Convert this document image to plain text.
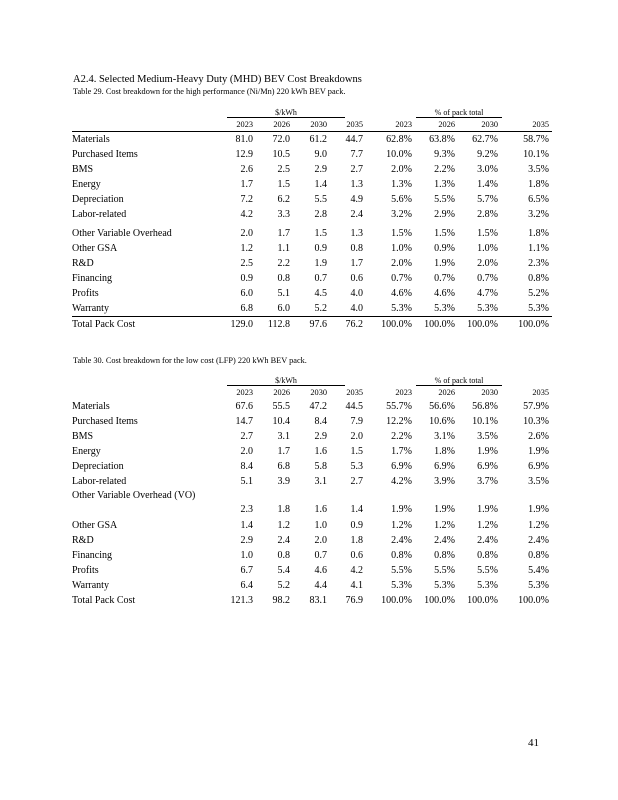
A2.4. Selected Medium-Heavy Duty (MHD) BEV Cost Breakdowns
Table 29. Cost breakdown for the high performance (Ni/Mn) 220 kWh BEV pack.
	$/kWh				% of pack total			
	2023	2026	2030	2035	2023	2026	2030	2035
Materials	81.0	72.0	61.2	44.7	62.8%	63.8%	62.7%	58.7%
Purchased Items	12.9	10.5	9.0	7.7	10.0%	9.3%	9.2%	10.1%
BMS	2.6	2.5	2.9	2.7	2.0%	2.2%	3.0%	3.5%
Energy	1.7	1.5	1.4	1.3	1.3%	1.3%	1.4%	1.8%
Depreciation	7.2	6.2	5.5	4.9	5.6%	5.5%	5.7%	6.5%
Labor-related	4.2	3.3	2.8	2.4	3.2%	2.9%	2.8%	3.2%
Other Variable Overhead	2.0	1.7	1.5	1.3	1.5%	1.5%	1.5%	1.8%
Other GSA	1.2	1.1	0.9	0.8	1.0%	0.9%	1.0%	1.1%
R&D	2.5	2.2	1.9	1.7	2.0%	1.9%	2.0%	2.3%
Financing	0.9	0.8	0.7	0.6	0.7%	0.7%	0.7%	0.8%
Profits	6.0	5.1	4.5	4.0	4.6%	4.6%	4.7%	5.2%
Warranty	6.8	6.0	5.2	4.0	5.3%	5.3%	5.3%	5.3%
Total Pack Cost	129.0	112.8	97.6	76.2	100.0%	100.0%	100.0%	100.0%
Table 30. Cost breakdown for the low cost (LFP) 220 kWh BEV pack.
	$/kWh				% of pack total			
	2023	2026	2030	2035	2023	2026	2030	2035
Materials	67.6	55.5	47.2	44.5	55.7%	56.6%	56.8%	57.9%
Purchased Items	14.7	10.4	8.4	7.9	12.2%	10.6%	10.1%	10.3%
BMS	2.7	3.1	2.9	2.0	2.2%	3.1%	3.5%	2.6%
Energy	2.0	1.7	1.6	1.5	1.7%	1.8%	1.9%	1.9%
Depreciation	8.4	6.8	5.8	5.3	6.9%	6.9%	6.9%	6.9%
Labor-related	5.1	3.9	3.1	2.7	4.2%	3.9%	3.7%	3.5%
Other Variable Overhead (VO)	2.3	1.8	1.6	1.4	1.9%	1.9%	1.9%	1.9%
Other GSA	1.4	1.2	1.0	0.9	1.2%	1.2%	1.2%	1.2%
R&D	2.9	2.4	2.0	1.8	2.4%	2.4%	2.4%	2.4%
Financing	1.0	0.8	0.7	0.6	0.8%	0.8%	0.8%	0.8%
Profits	6.7	5.4	4.6	4.2	5.5%	5.5%	5.5%	5.4%
Warranty	6.4	5.2	4.4	4.1	5.3%	5.3%	5.3%	5.3%
Total Pack Cost	121.3	98.2	83.1	76.9	100.0%	100.0%	100.0%	100.0%
41
